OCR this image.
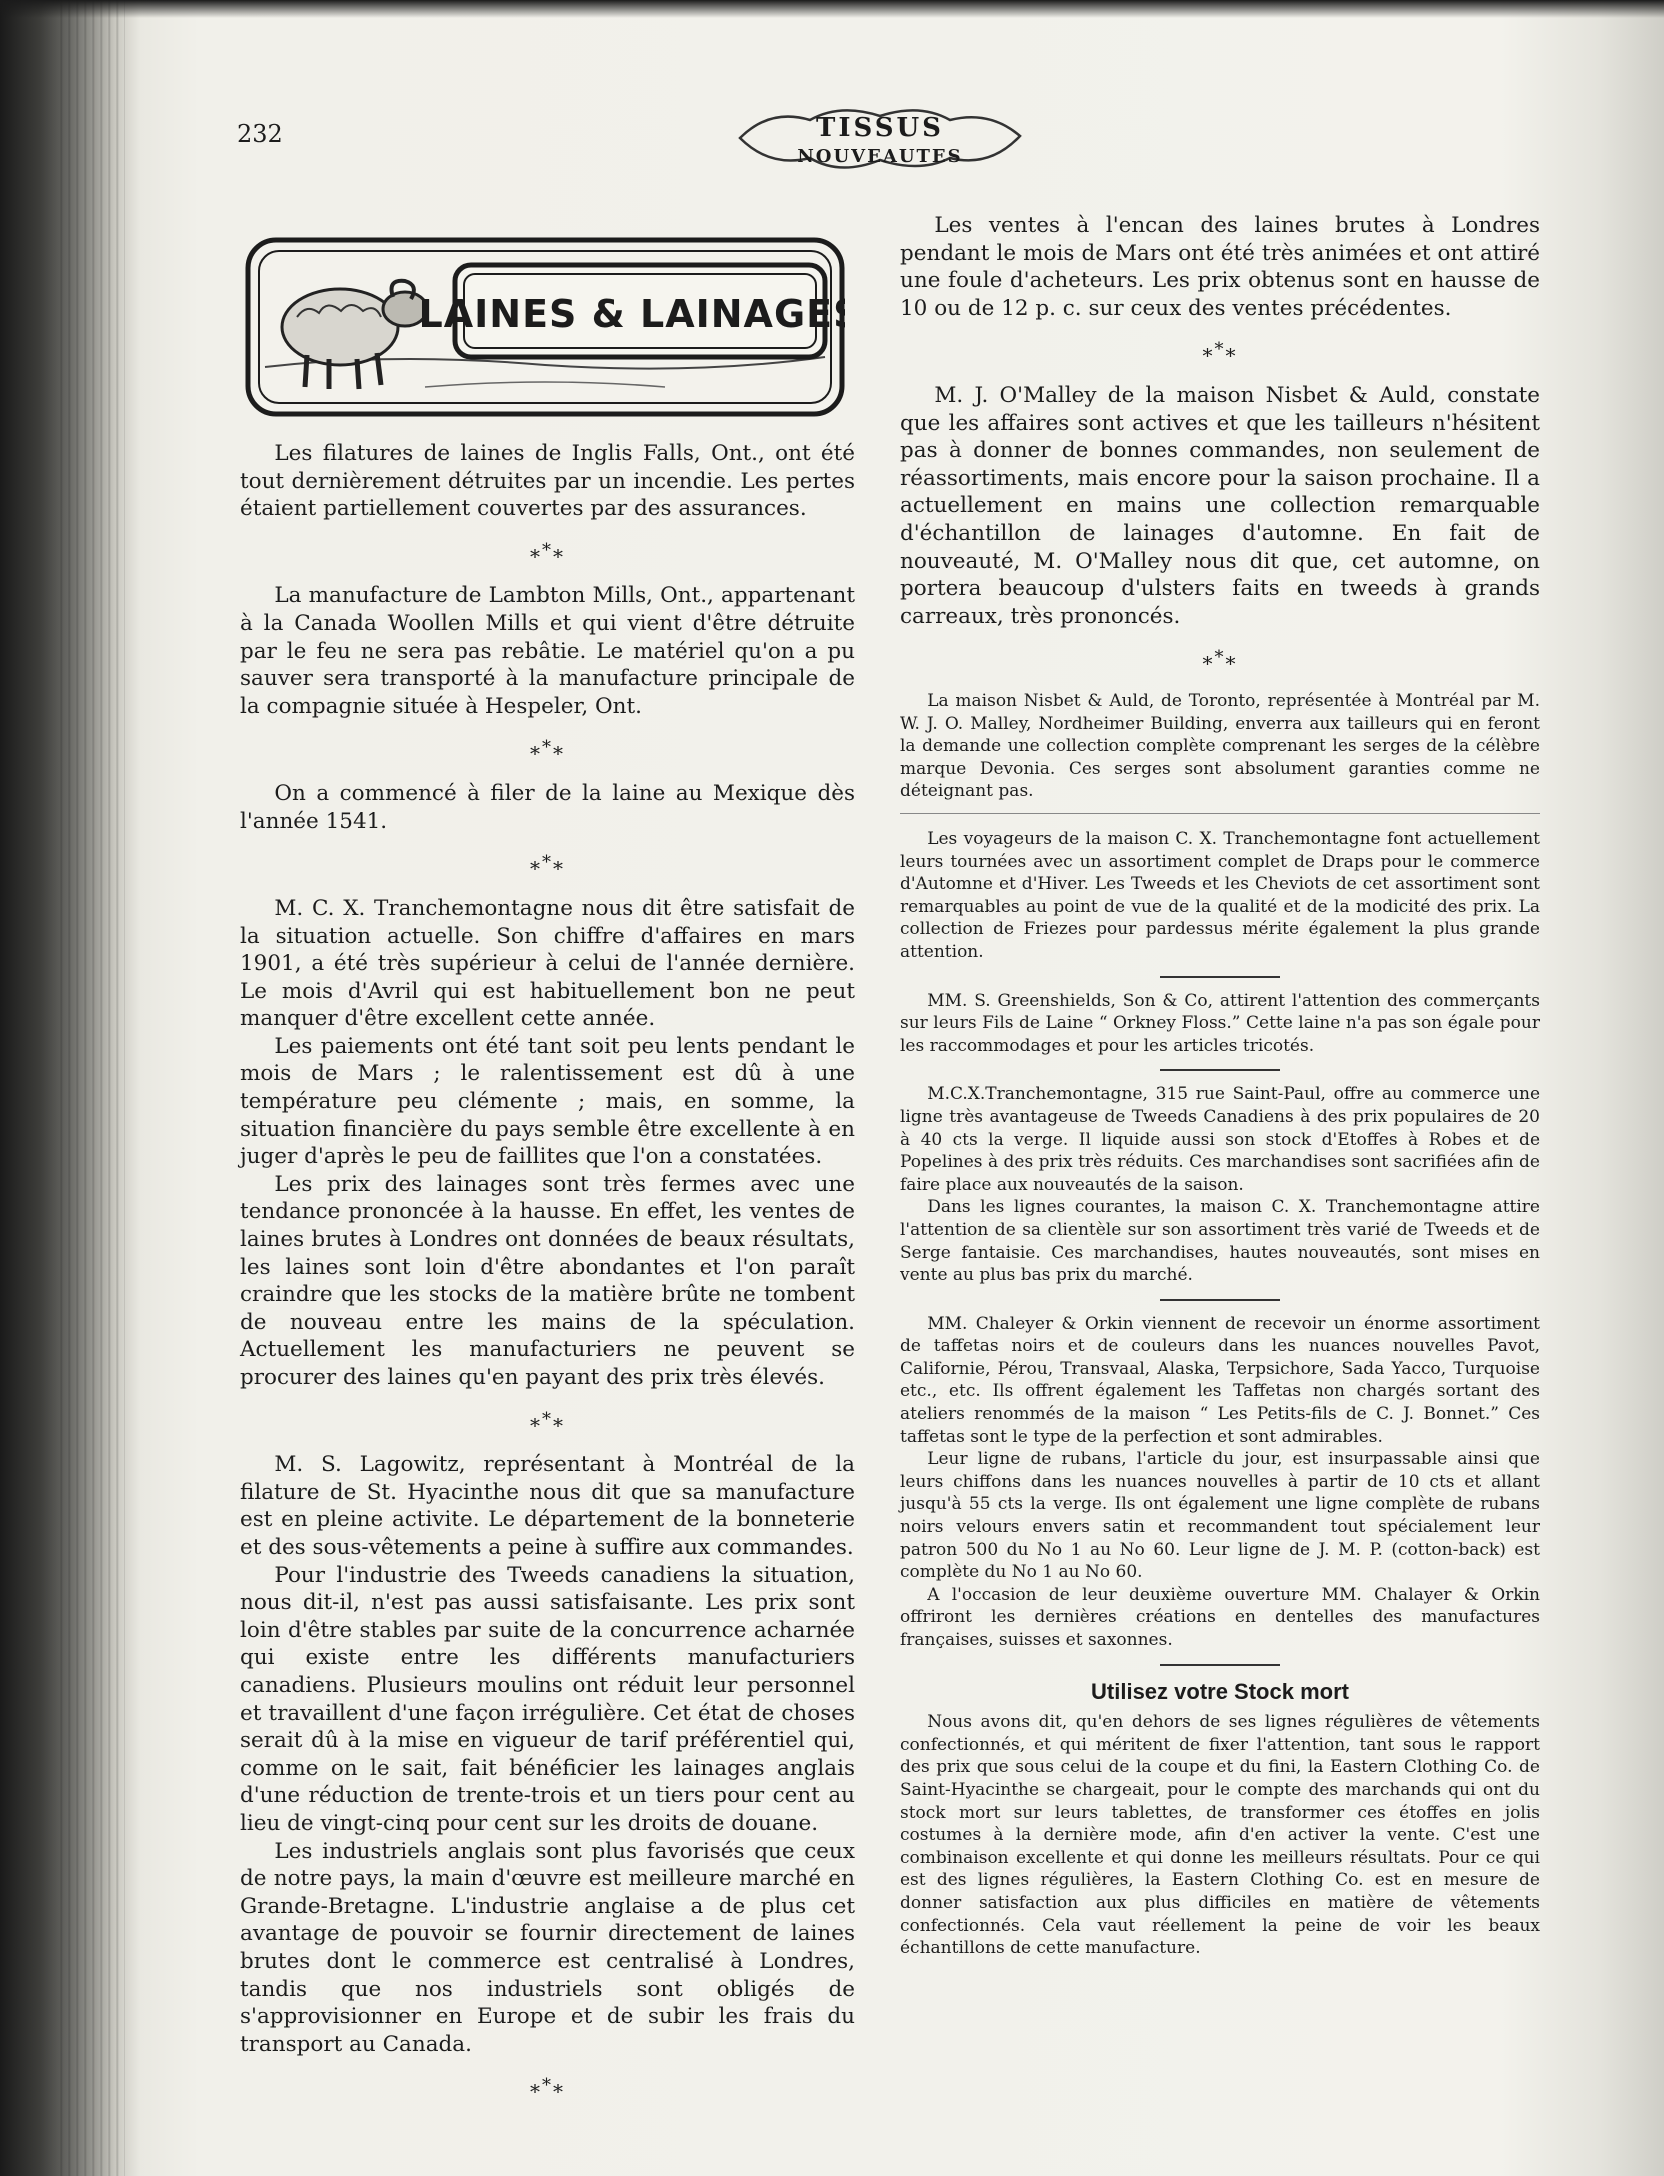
232	TISSUS
NOUVEAUTES
LAINES & LAINAGES

Les filatures de laines de Inglis Falls, Ont., ont été tout dernièrement détruites par un incendie. Les pertes étaient partiellement couvertes par des assurances.

***

La manufacture de Lambton Mills, Ont., appartenant à la Canada Woollen Mills et qui vient d'être détruite par le feu ne sera pas rebâtie. Le matériel qu'on a pu sauver sera transporté à la manufacture principale de la compagnie située à Hespeler, Ont.

***

On a commencé à filer de la laine au Mexique dès l'année 1541.

***

M. C. X. Tranchemontagne nous dit être satisfait de la situation actuelle. Son chiffre d'affaires en mars 1901, a été très supérieur à celui de l'année dernière. Le mois d'Avril qui est habituellement bon ne peut manquer d'être excellent cette année.

Les paiements ont été tant soit peu lents pendant le mois de Mars ; le ralentissement est dû à une température peu clémente ; mais, en somme, la situation financière du pays semble être excellente à en juger d'après le peu de faillites que l'on a constatées.

Les prix des lainages sont très fermes avec une tendance prononcée à la hausse. En effet, les ventes de laines brutes à Londres ont données de beaux résultats, les laines sont loin d'être abondantes et l'on paraît craindre que les stocks de la matière brûte ne tombent de nouveau entre les mains de la spéculation. Actuellement les manufacturiers ne peuvent se procurer des laines qu'en payant des prix très élevés.

***

M. S. Lagowitz, représentant à Montréal de la filature de St. Hyacinthe nous dit que sa manufacture est en pleine activite. Le département de la bonneterie et des sous-vêtements a peine à suffire aux commandes.

Pour l'industrie des Tweeds canadiens la situation, nous dit-il, n'est pas aussi satisfaisante. Les prix sont loin d'être stables par suite de la concurrence acharnée qui existe entre les différents manufacturiers canadiens. Plusieurs moulins ont réduit leur personnel et travaillent d'une façon irrégulière. Cet état de choses serait dû à la mise en vigueur de tarif préférentiel qui, comme on le sait, fait bénéficier les lainages anglais d'une réduction de trente-trois et un tiers pour cent au lieu de vingt-cinq pour cent sur les droits de douane.

Les industriels anglais sont plus favorisés que ceux de notre pays, la main d'œuvre est meilleure marché en Grande-Bretagne. L'industrie anglaise a de plus cet avantage de pouvoir se fournir directement de laines brutes dont le commerce est centralisé à Londres, tandis que nos industriels sont obligés de s'approvisionner en Europe et de subir les frais du transport au Canada.

***

Les ventes à l'encan des laines brutes à Londres pendant le mois de Mars ont été très animées et ont attiré une foule d'acheteurs. Les prix obtenus sont en hausse de 10 ou de 12 p. c. sur ceux des ventes précédentes.

***

M. J. O'Malley de la maison Nisbet & Auld, constate que les affaires sont actives et que les tailleurs n'hésitent pas à donner de bonnes commandes, non seulement de réassortiments, mais encore pour la saison prochaine. Il a actuellement en mains une collection remarquable d'échantillon de lainages d'automne. En fait de nouveauté, M. O'Malley nous dit que, cet automne, on portera beaucoup d'ulsters faits en tweeds à grands carreaux, très prononcés.

***

La maison Nisbet & Auld, de Toronto, représentée à Montréal par M. W. J. O. Malley, Nordheimer Building, enverra aux tailleurs qui en feront la demande une collection complète comprenant les serges de la célèbre marque Devonia. Ces serges sont absolument garanties comme ne déteignant pas.

Les voyageurs de la maison C. X. Tranchemontagne font actuellement leurs tournées avec un assortiment complet de Draps pour le commerce d'Automne et d'Hiver. Les Tweeds et les Cheviots de cet assortiment sont remarquables au point de vue de la qualité et de la modicité des prix. La collection de Friezes pour pardessus mérite également la plus grande attention.

MM. S. Greenshields, Son & Co, attirent l'attention des commerçants sur leurs Fils de Laine “ Orkney Floss.” Cette laine n'a pas son égale pour les raccommodages et pour les articles tricotés.

M.C.X.Tranchemontagne, 315 rue Saint-Paul, offre au commerce une ligne très avantageuse de Tweeds Canadiens à des prix populaires de 20 à 40 cts la verge. Il liquide aussi son stock d'Etoffes à Robes et de Popelines à des prix très réduits. Ces marchandises sont sacrifiées afin de faire place aux nouveautés de la saison.

Dans les lignes courantes, la maison C. X. Tranchemontagne attire l'attention de sa clientèle sur son assortiment très varié de Tweeds et de Serge fantaisie. Ces marchandises, hautes nouveautés, sont mises en vente au plus bas prix du marché.

MM. Chaleyer & Orkin viennent de recevoir un énorme assortiment de taffetas noirs et de couleurs dans les nuances nouvelles Pavot, Californie, Pérou, Transvaal, Alaska, Terpsichore, Sada Yacco, Turquoise etc., etc. Ils offrent également les Taffetas non chargés sortant des ateliers renommés de la maison “ Les Petits-fils de C. J. Bonnet.” Ces taffetas sont le type de la perfection et sont admirables.

Leur ligne de rubans, l'article du jour, est insurpassable ainsi que leurs chiffons dans les nuances nouvelles à partir de 10 cts et allant jusqu'à 55 cts la verge. Ils ont également une ligne complète de rubans noirs velours envers satin et recommandent tout spécialement leur patron 500 du No 1 au No 60. Leur ligne de J. M. P. (cotton-back) est complète du No 1 au No 60.

A l'occasion de leur deuxième ouverture MM. Chalayer & Orkin offriront les dernières créations en dentelles des manufactures françaises, suisses et saxonnes.

Utilisez votre Stock mort

Nous avons dit, qu'en dehors de ses lignes régulières de vêtements confectionnés, et qui méritent de fixer l'attention, tant sous le rapport des prix que sous celui de la coupe et du fini, la Eastern Clothing Co. de Saint-Hyacinthe se chargeait, pour le compte des marchands qui ont du stock mort sur leurs tablettes, de transformer ces étoffes en jolis costumes à la dernière mode, afin d'en activer la vente. C'est une combinaison excellente et qui donne les meilleurs résultats. Pour ce qui est des lignes régulières, la Eastern Clothing Co. est en mesure de donner satisfaction aux plus difficiles en matière de vêtements confectionnés. Cela vaut réellement la peine de voir les beaux échantillons de cette manufacture.
